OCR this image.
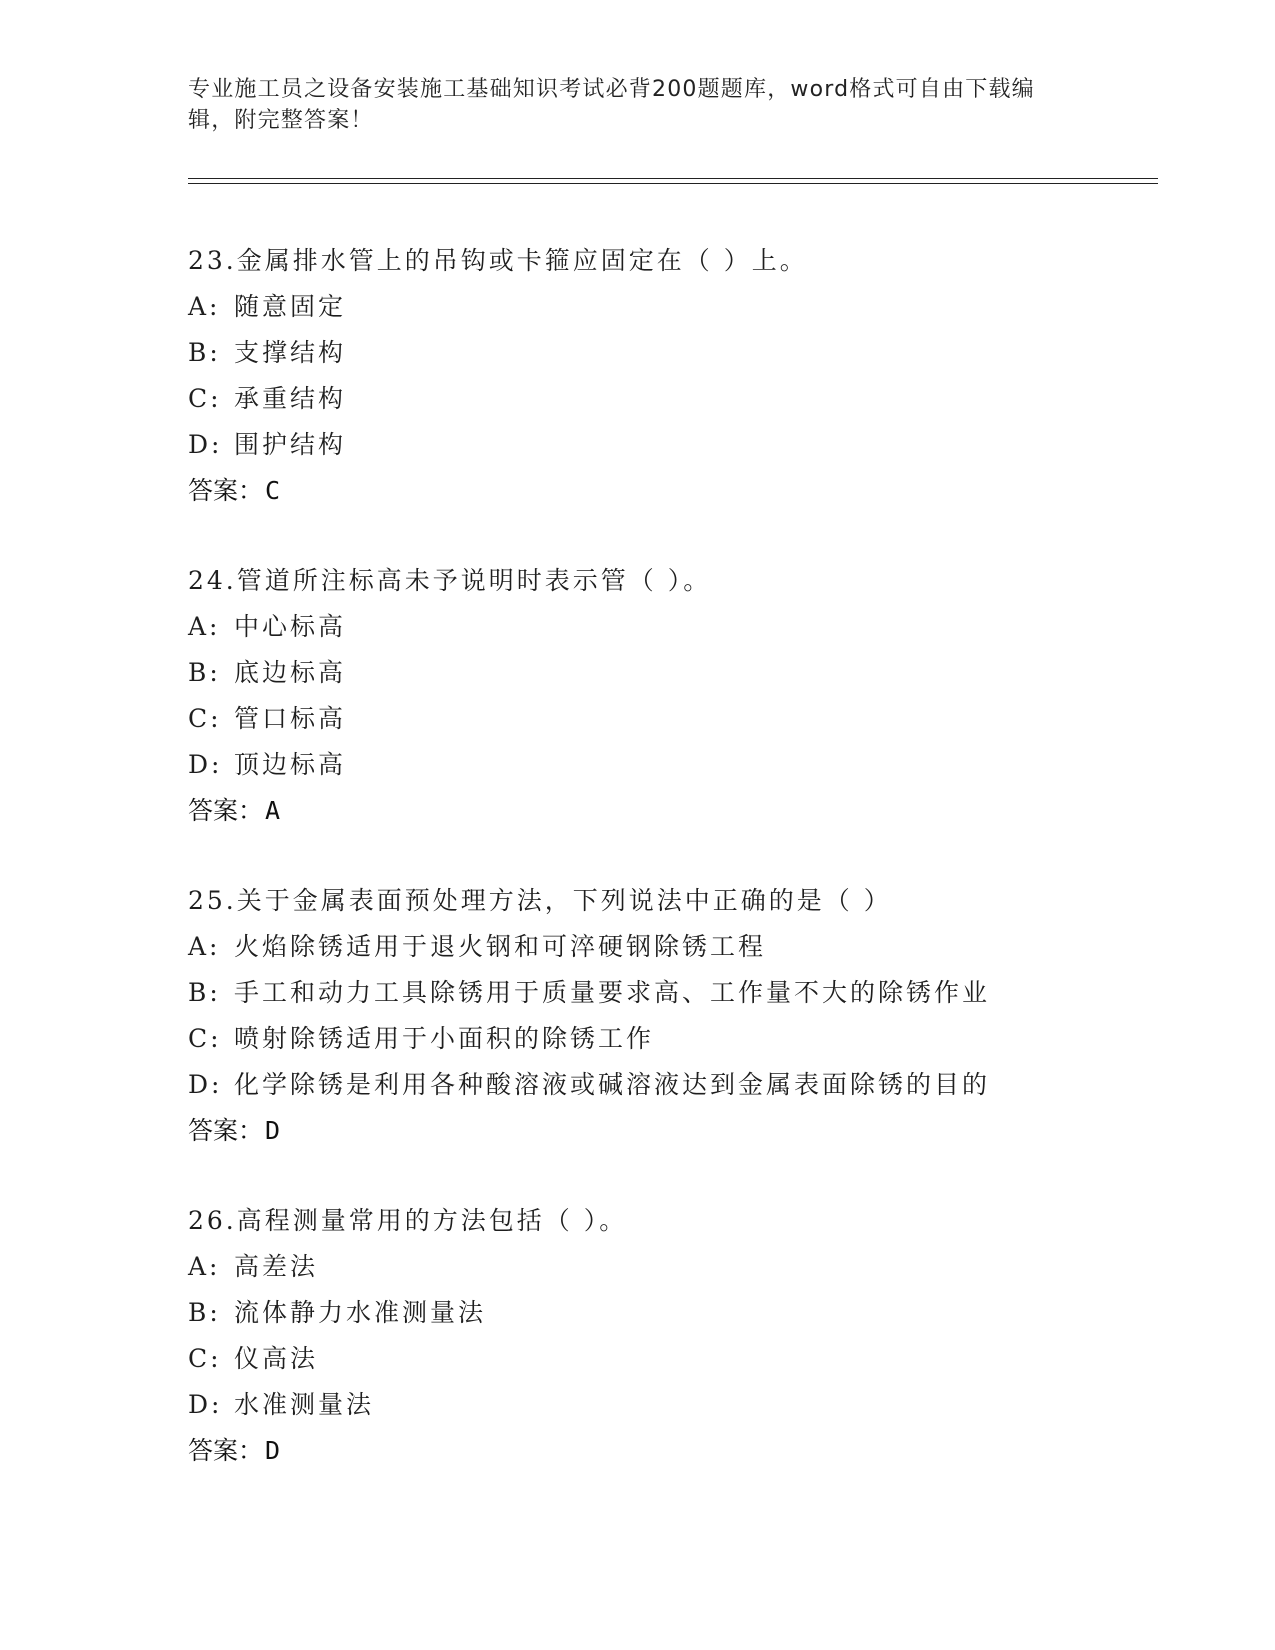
专业施工员之设备安装施工基础知识考试必背200题题库，word格式可自由下载编辑，附完整答案！
23.金属排水管上的吊钩或卡箍应固定在（ ）上。
A: 随意固定
B: 支撑结构
C: 承重结构
D: 围护结构
答案：C
24.管道所注标高未予说明时表示管（ ）。
A: 中心标高
B: 底边标高
C: 管口标高
D: 顶边标高
答案：A
25.关于金属表面预处理方法，下列说法中正确的是（ ）
A: 火焰除锈适用于退火钢和可淬硬钢除锈工程
B: 手工和动力工具除锈用于质量要求高、工作量不大的除锈作业
C: 喷射除锈适用于小面积的除锈工作
D: 化学除锈是利用各种酸溶液或碱溶液达到金属表面除锈的目的
答案：D
26.高程测量常用的方法包括（ ）。
A: 高差法
B: 流体静力水准测量法
C: 仪高法
D: 水准测量法
答案：D
